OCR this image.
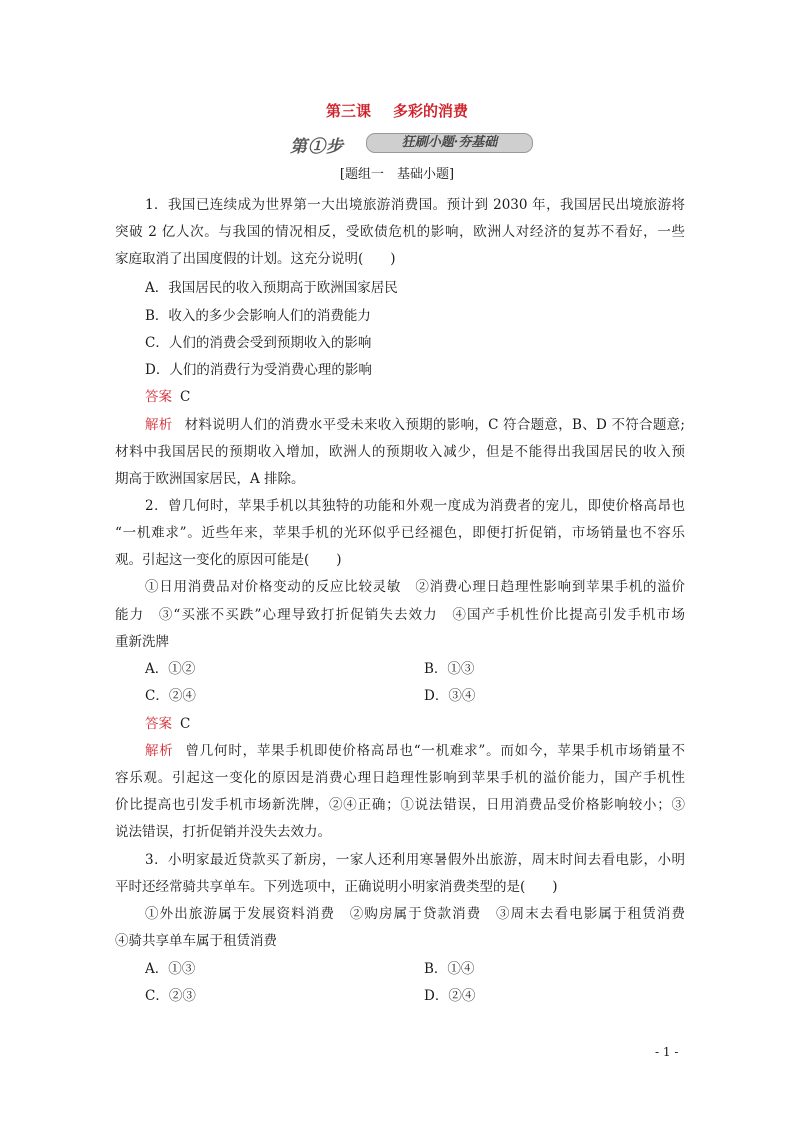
第三课 多彩的消费
第①步	狂刷小题·夯基础
[题组一　基础小题]
1．我国已连续成为世界第一大出境旅游消费国。预计到 2030 年，我国居民出境旅游将
突破 2 亿人次。与我国的情况相反，受欧债危机的影响，欧洲人对经济的复苏不看好，一些
家庭取消了出国度假的计划。这充分说明(　　)
A．我国居民的收入预期高于欧洲国家居民
B．收入的多少会影响人们的消费能力
C．人们的消费会受到预期收入的影响
D．人们的消费行为受消费心理的影响
答案 C
解析 材料说明人们的消费水平受未来收入预期的影响，C 符合题意，B、D 不符合题意;
材料中我国居民的预期收入增加，欧洲人的预期收入减少，但是不能得出我国居民的收入预
期高于欧洲国家居民，A 排除。
2．曾几何时，苹果手机以其独特的功能和外观一度成为消费者的宠儿，即使价格高昂也
“一机难求”。近些年来，苹果手机的光环似乎已经褪色，即便打折促销，市场销量也不容乐
观。引起这一变化的原因可能是(　　)
①日用消费品对价格变动的反应比较灵敏　②消费心理日趋理性影响到苹果手机的溢价
能力　③“买涨不买跌”心理导致打折促销失去效力　④国产手机性价比提高引发手机市场
重新洗牌
A．①②	B．①③
C．②④	D．③④
答案 C
解析 曾几何时，苹果手机即使价格高昂也“一机难求”。而如今，苹果手机市场销量不
容乐观。引起这一变化的原因是消费心理日趋理性影响到苹果手机的溢价能力，国产手机性
价比提高也引发手机市场新洗牌，②④正确；①说法错误，日用消费品受价格影响较小；③
说法错误，打折促销并没失去效力。
3．小明家最近贷款买了新房，一家人还利用寒暑假外出旅游，周末时间去看电影，小明
平时还经常骑共享单车。下列选项中，正确说明小明家消费类型的是(　　)
①外出旅游属于发展资料消费　②购房属于贷款消费　③周末去看电影属于租赁消费
④骑共享单车属于租赁消费
A．①③	B．①④
C．②③	D．②④
- 1 -
